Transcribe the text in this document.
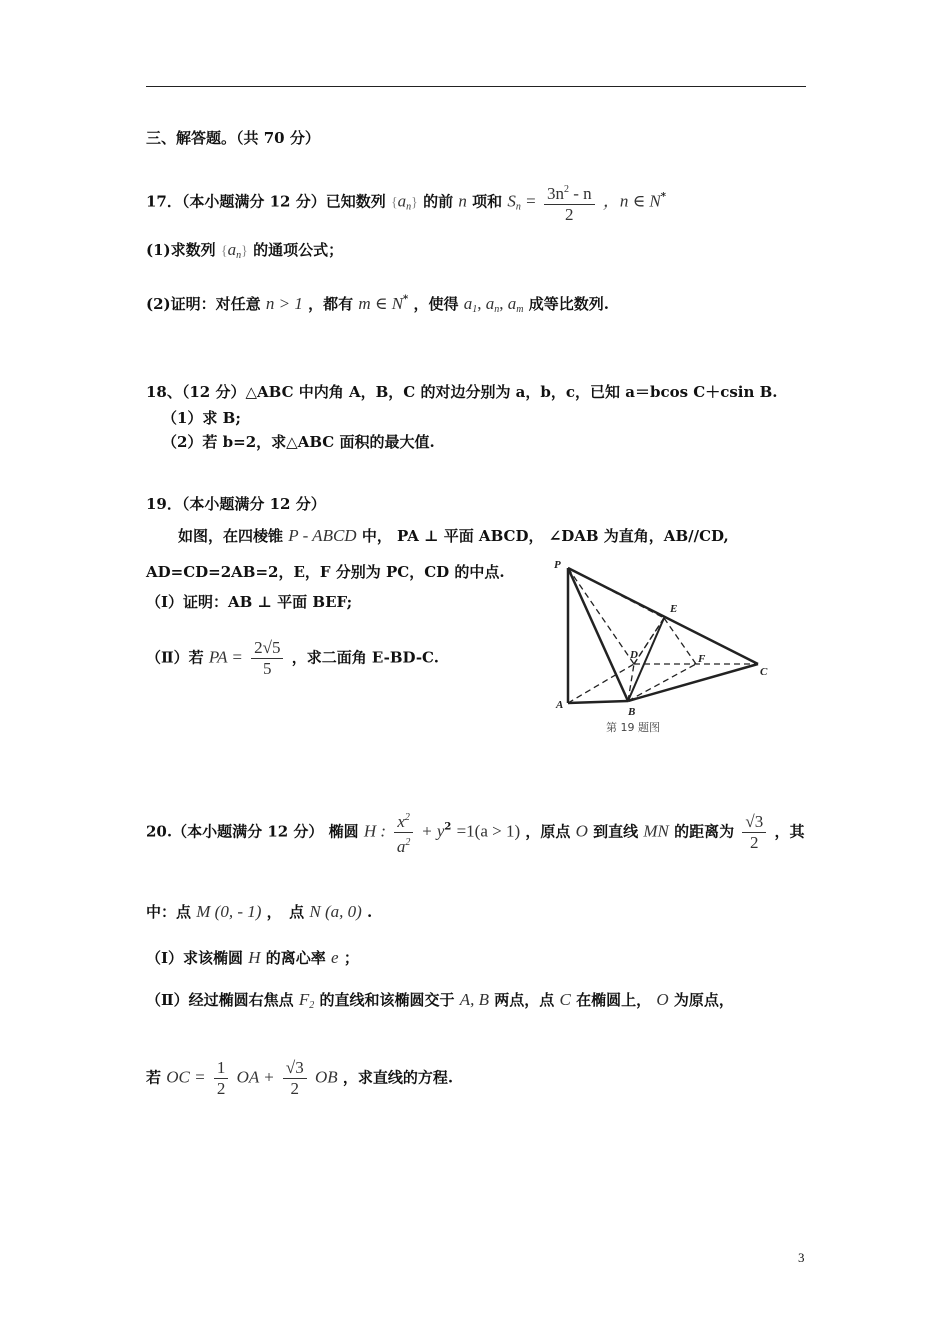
三、解答题。（共 70 分）
17．（本小题满分 12 分）已知数列 $\{a_n\}$ 的前 n 项和 $S_n = \frac{3n^2 - n}{2}$ ，n ∈ N*
(1)求数列 $\{a_n\}$ 的通项公式；
(2)证明：对任意 n > 1 ，都有 m ∈ N* ，使得 $a_1$, $a_n$, $a_m$ 成等比数列.
18、（12 分）△ABC 中内角 A，B，C 的对边分别为 a，b，c，已知 a＝bcos C＋csin B.
（1）求 B;
（2）若 b=2，求△ABC 面积的最大值.
19．（本小题满分 12 分）
如图，在四棱锥 P - ABCD 中， PA ⊥ 平面 ABCD， ∠DAB 为直角，AB//CD,
AD=CD=2AB=2，E，F 分别为 PC，CD 的中点.
（Ⅰ）证明：AB ⊥ 平面 BEF;
（Ⅱ）若 PA = $\frac{2√5}{5}$ ，求二面角 E-BD-C.
P
E
D	F
C
A
B
第 19 题图
20.（本小题满分 12 分） 椭圆 H : $\frac{x^2}{a^2} + y^2 =1(a > 1)$ ，原点 O 到直线 MN 的距离为 $\frac{√3}{2}$ ，其
中：点 M (0, - 1) ，　点 N (a, 0) .
（Ⅰ）求该椭圆 H 的离心率 e ；
（Ⅱ）经过椭圆右焦点 $F_2$ 的直线和该椭圆交于 A, B 两点，点 C 在椭圆上， O 为原点，
若 OC = $\frac{1}{2}$ OA + $\frac{√3}{2}$ OB ，求直线的方程.
3
